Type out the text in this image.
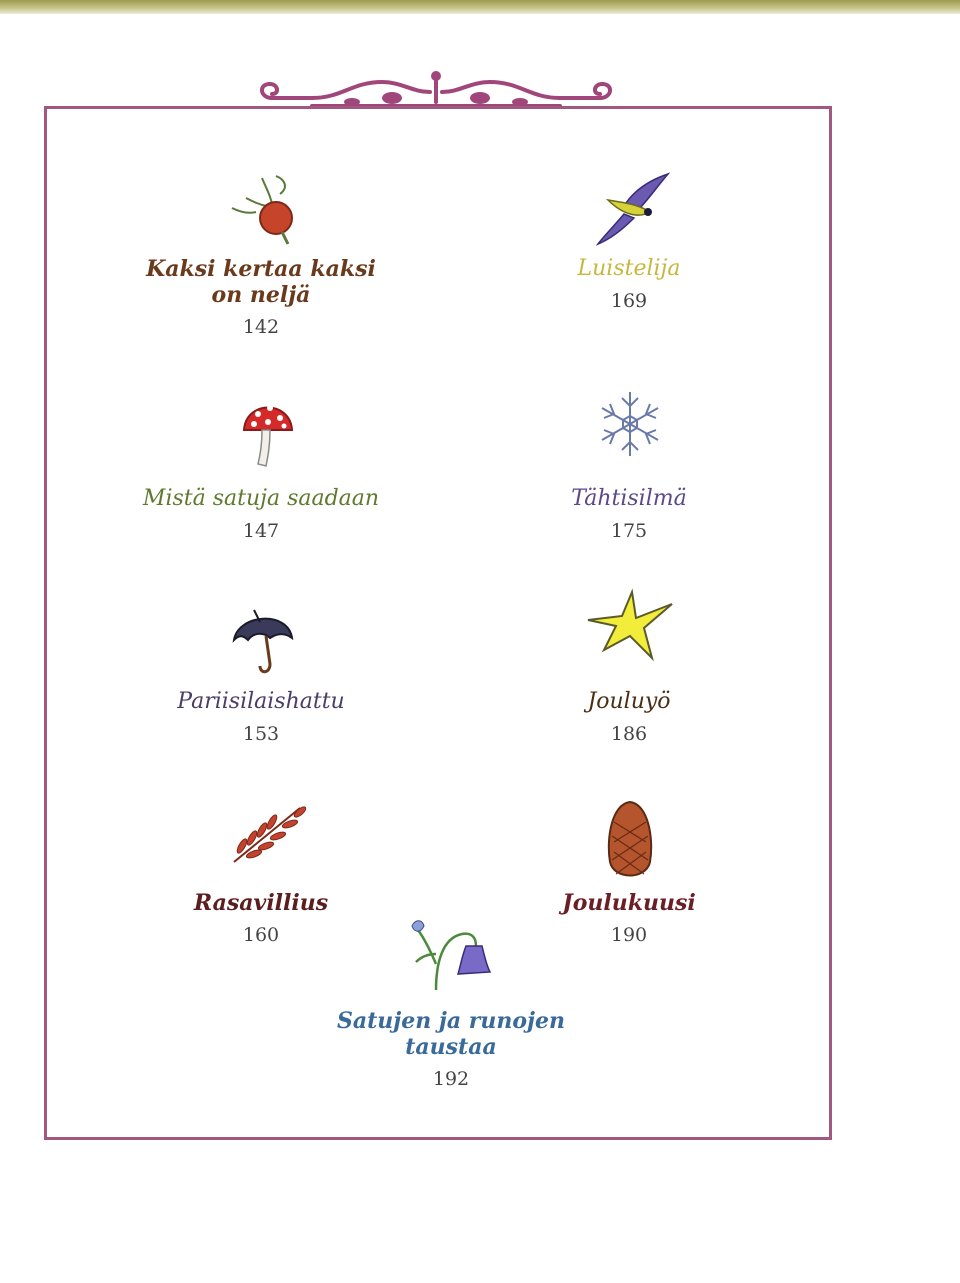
Kaksi kertaa kaksi
on neljä
142
Mistä satuja saadaan
147
Pariisilaishattu
153
Rasavillius
160
Luistelija
169
Tähtisilmä
175
Jouluyö
186
Joulukuusi
190
Satujen ja runojen
taustaa
192
